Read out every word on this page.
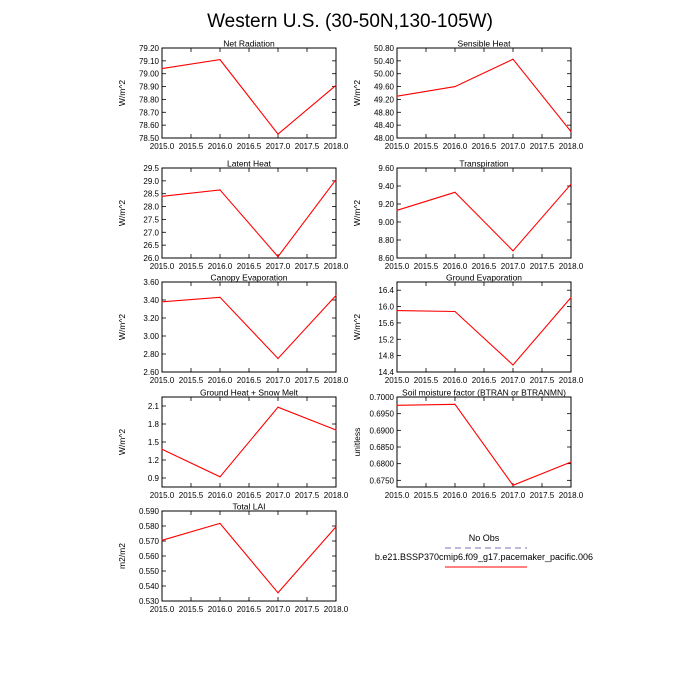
Western U.S. (30-50N,130-105W)
Net Radiation
2015.0 2015.5 2016.0 2016.5 2017.0 2017.5 2018.0
78.50
78.60
78.70
78.80
78.90
79.00
79.10
79.20
W/m^2
Sensible Heat
2015.0 2015.5 2016.0 2016.5 2017.0 2017.5 2018.0
48.00
48.40
48.80
49.20
49.60
50.00
50.40
50.80
W/m^2
Latent Heat
2015.0 2015.5 2016.0 2016.5 2017.0 2017.5 2018.0
26.0
26.5
27.0
27.5
28.0
28.5
29.0
29.5
W/m^2
Transpiration
2015.0 2015.5 2016.0 2016.5 2017.0 2017.5 2018.0
8.60
8.80
9.00
9.20
9.40
9.60
W/m^2
Canopy Evaporation
2015.0 2015.5 2016.0 2016.5 2017.0 2017.5 2018.0
2.60
2.80
3.00
3.20
3.40
3.60
W/m^2
Ground Evaporation
2015.0 2015.5 2016.0 2016.5 2017.0 2017.5 2018.0
14.4
14.8
15.2
15.6
16.0
16.4
W/m^2
Ground Heat + Snow Melt
2015.0 2015.5 2016.0 2016.5 2017.0 2017.5 2018.0
0.9
1.2
1.5
1.8
2.1
W/m^2
Soil moisture factor (BTRAN or BTRANMN)
2015.0 2015.5 2016.0 2016.5 2017.0 2017.5 2018.0
0.6750
0.6800
0.6850
0.6900
0.6950
0.7000
unitless
Total LAI
2015.0 2015.5 2016.0 2016.5 2017.0 2017.5 2018.0
0.530
0.540
0.550
0.560
0.570
0.580
0.590
m2/m2
No Obs
b.e21.BSSP370cmip6.f09_g17.pacemaker_pacific.006
